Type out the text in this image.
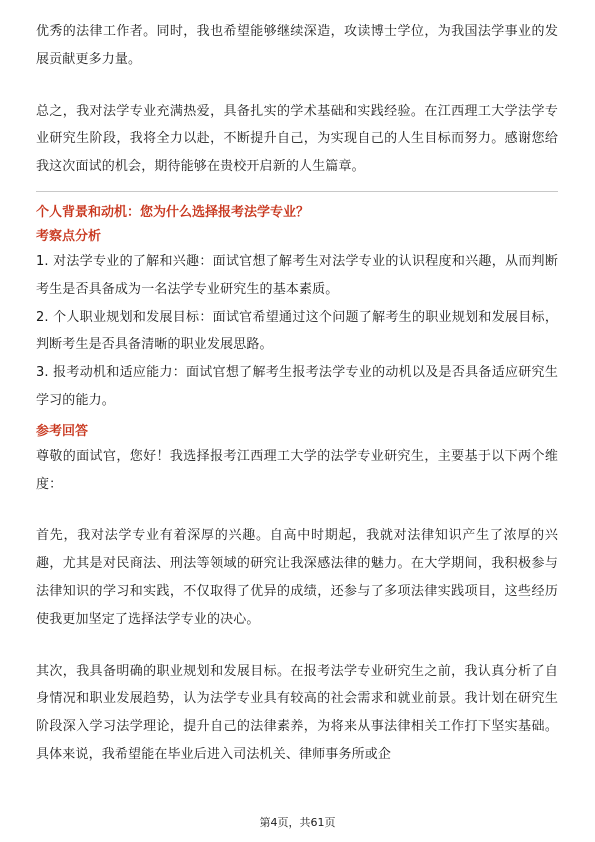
优秀的法律工作者。同时，我也希望能够继续深造，攻读博士学位，为我国法学事业的发展贡献更多力量。

总之，我对法学专业充满热爱，具备扎实的学术基础和实践经验。在江西理工大学法学专业研究生阶段，我将全力以赴，不断提升自己，为实现自己的人生目标而努力。感谢您给我这次面试的机会，期待能够在贵校开启新的人生篇章。

个人背景和动机：您为什么选择报考法学专业？
考察点分析

1. 对法学专业的了解和兴趣：面试官想了解考生对法学专业的认识程度和兴趣，从而判断考生是否具备成为一名法学专业研究生的基本素质。

2. 个人职业规划和发展目标：面试官希望通过这个问题了解考生的职业规划和发展目标，判断考生是否具备清晰的职业发展思路。

3. 报考动机和适应能力：面试官想了解考生报考法学专业的动机以及是否具备适应研究生学习的能力。

参考回答

尊敬的面试官，您好！我选择报考江西理工大学的法学专业研究生，主要基于以下两个维度：

首先，我对法学专业有着深厚的兴趣。自高中时期起，我就对法律知识产生了浓厚的兴趣，尤其是对民商法、刑法等领域的研究让我深感法律的魅力。在大学期间，我积极参与法律知识的学习和实践，不仅取得了优异的成绩，还参与了多项法律实践项目，这些经历使我更加坚定了选择法学专业的决心。

其次，我具备明确的职业规划和发展目标。在报考法学专业研究生之前，我认真分析了自身情况和职业发展趋势，认为法学专业具有较高的社会需求和就业前景。我计划在研究生阶段深入学习法学理论，提升自己的法律素养，为将来从事法律相关工作打下坚实基础。具体来说，我希望能在毕业后进入司法机关、律师事务所或企

第4页，共61页
